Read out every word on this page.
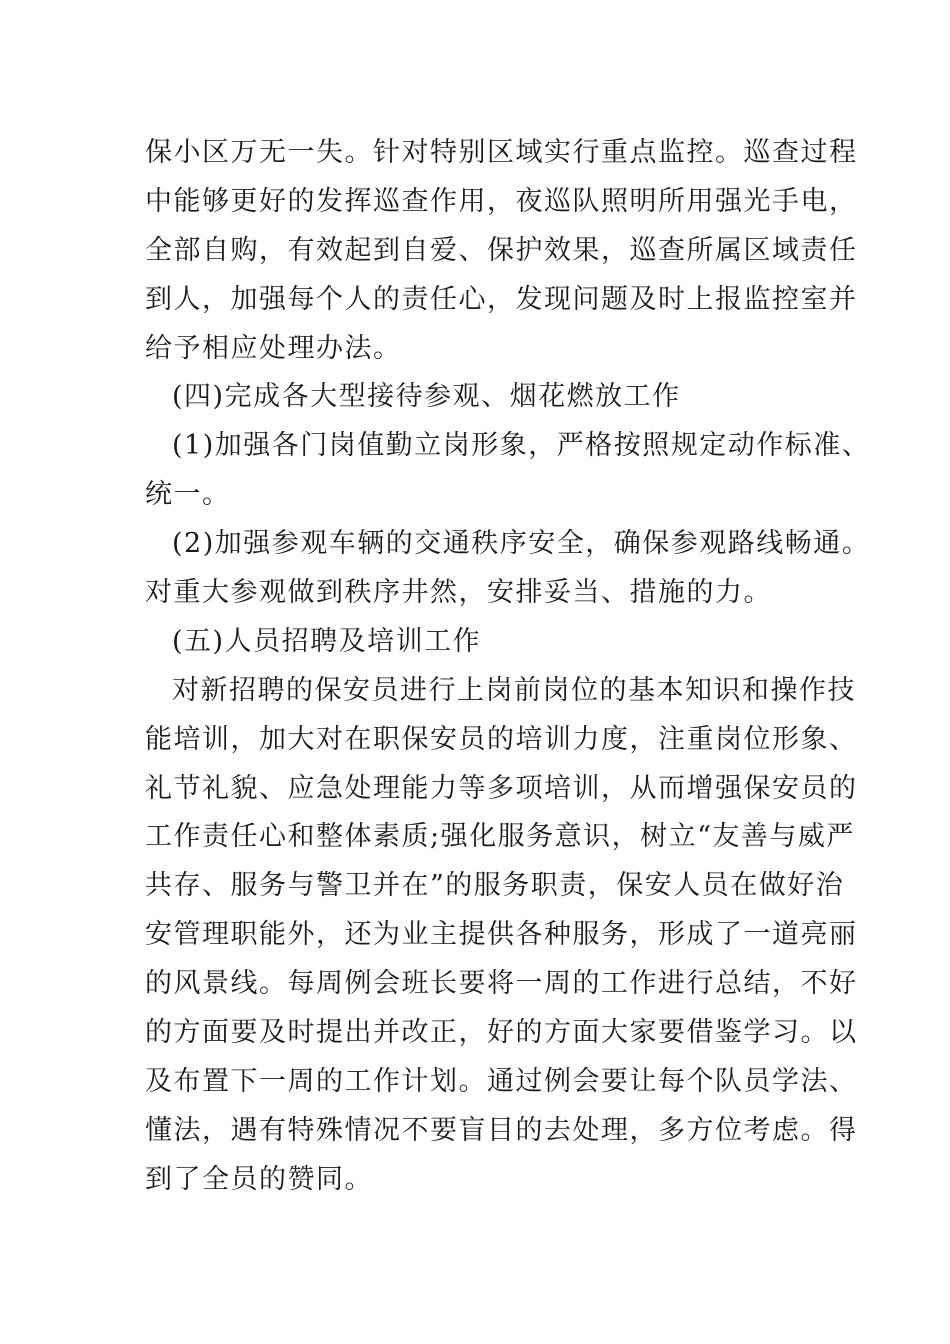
保小区万无一失。针对特别区域实行重点监控。巡查过程
中能够更好的发挥巡查作用，夜巡队照明所用强光手电，
全部自购，有效起到自爱、保护效果，巡查所属区域责任
到人，加强每个人的责任心，发现问题及时上报监控室并
给予相应处理办法。
(四)完成各大型接待参观、烟花燃放工作
(1)加强各门岗值勤立岗形象，严格按照规定动作标准、
统一。
(2)加强参观车辆的交通秩序安全，确保参观路线畅通。
对重大参观做到秩序井然，安排妥当、措施的力。
(五)人员招聘及培训工作
对新招聘的保安员进行上岗前岗位的基本知识和操作技
能培训，加大对在职保安员的培训力度，注重岗位形象、
礼节礼貌、应急处理能力等多项培训，从而增强保安员的
工作责任心和整体素质;强化服务意识，树立“友善与威严
共存、服务与警卫并在”的服务职责，保安人员在做好治
安管理职能外，还为业主提供各种服务，形成了一道亮丽
的风景线。每周例会班长要将一周的工作进行总结，不好
的方面要及时提出并改正，好的方面大家要借鉴学习。以
及布置下一周的工作计划。通过例会要让每个队员学法、
懂法，遇有特殊情况不要盲目的去处理，多方位考虑。得
到了全员的赞同。
